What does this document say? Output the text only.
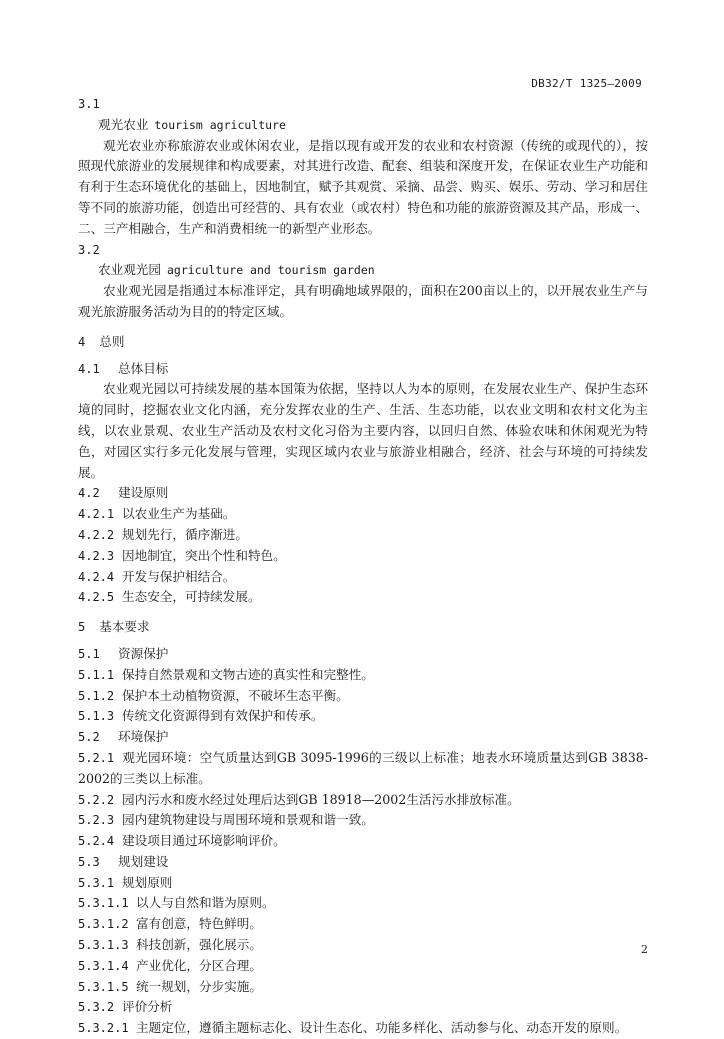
DB32/T 1325—2009
3.1
观光农业 tourism agriculture

观光农业亦称旅游农业或休闲农业，是指以现有或开发的农业和农村资源（传统的或现代的），按照现代旅游业的发展规律和构成要素，对其进行改造、配套、组装和深度开发，在保证农业生产功能和有利于生态环境优化的基础上，因地制宜，赋予其观赏、采摘、品尝、购买、娱乐、劳动、学习和居住等不同的旅游功能，创造出可经营的、具有农业（或农村）特色和功能的旅游资源及其产品，形成一、二、三产相融合，生产和消费相统一的新型产业形态。

3.2
农业观光园 agriculture and tourism garden

农业观光园是指通过本标准评定，具有明确地域界限的，面积在200亩以上的，以开展农业生产与观光旅游服务活动为目的的特定区域。

4 总则
4.1 总体目标

农业观光园以可持续发展的基本国策为依据，坚持以人为本的原则，在发展农业生产、保护生态环境的同时，挖掘农业文化内涵，充分发挥农业的生产、生活、生态功能，以农业文明和农村文化为主线，以农业景观、农业生产活动及农村文化习俗为主要内容，以回归自然、体验农味和休闲观光为特色，对园区实行多元化发展与管理，实现区域内农业与旅游业相融合，经济、社会与环境的可持续发展。

4.2 建设原则
4.2.1 以农业生产为基础。
4.2.2 规划先行，循序渐进。
4.2.3 因地制宜，突出个性和特色。
4.2.4 开发与保护相结合。
4.2.5 生态安全，可持续发展。
5 基本要求
5.1 资源保护
5.1.1 保持自然景观和文物古迹的真实性和完整性。
5.1.2 保护本土动植物资源，不破坏生态平衡。
5.1.3 传统文化资源得到有效保护和传承。
5.2 环境保护
5.2.1 观光园环境：空气质量达到GB 3095-1996的三级以上标准；地表水环境质量达到GB 3838-2002的三类以上标准。
5.2.2 园内污水和废水经过处理后达到GB 18918—2002生活污水排放标准。
5.2.3 园内建筑物建设与周围环境和景观和谐一致。
5.2.4 建设项目通过环境影响评价。
5.3 规划建设
5.3.1 规划原则
5.3.1.1 以人与自然和谐为原则。
5.3.1.2 富有创意，特色鲜明。
5.3.1.3 科技创新，强化展示。
5.3.1.4 产业优化，分区合理。
5.3.1.5 统一规划，分步实施。
5.3.2 评价分析
5.3.2.1 主题定位，遵循主题标志化、设计生态化、功能多样化、活动参与化、动态开发的原则。
2
